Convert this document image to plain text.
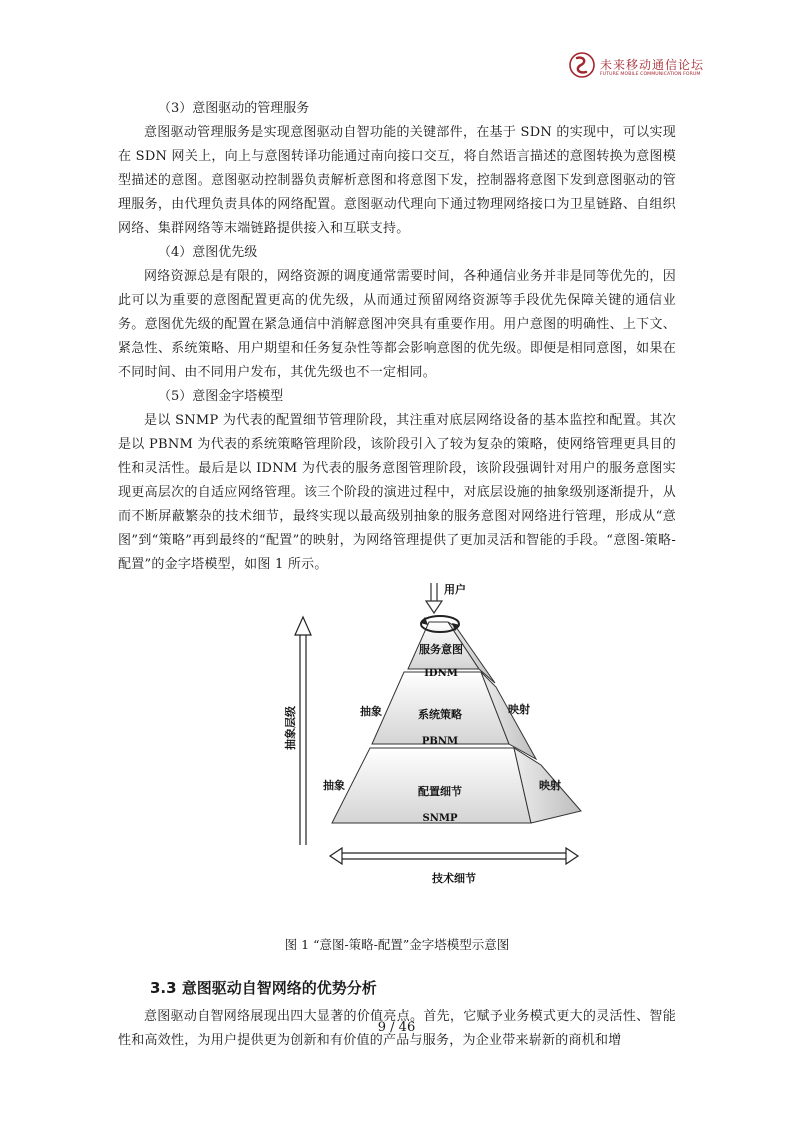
未来移动通信论坛
FUTURE MOBILE COMMUNICATION FORUM

（3）意图驱动的管理服务

意图驱动管理服务是实现意图驱动自智功能的关键部件，在基于 SDN 的实现中，可以实现在 SDN 网关上，向上与意图转译功能通过南向接口交互，将自然语言描述的意图转换为意图模型描述的意图。意图驱动控制器负责解析意图和将意图下发，控制器将意图下发到意图驱动的管理服务，由代理负责具体的网络配置。意图驱动代理向下通过物理网络接口为卫星链路、自组织网络、集群网络等末端链路提供接入和互联支持。

（4）意图优先级

网络资源总是有限的，网络资源的调度通常需要时间，各种通信业务并非是同等优先的，因此可以为重要的意图配置更高的优先级，从而通过预留网络资源等手段优先保障关键的通信业务。意图优先级的配置在紧急通信中消解意图冲突具有重要作用。用户意图的明确性、上下文、紧急性、系统策略、用户期望和任务复杂性等都会影响意图的优先级。即便是相同意图，如果在不同时间、由不同用户发布，其优先级也不一定相同。

（5）意图金字塔模型

是以 SNMP 为代表的配置细节管理阶段，其注重对底层网络设备的基本监控和配置。其次是以 PBNM 为代表的系统策略管理阶段，该阶段引入了较为复杂的策略，使网络管理更具目的性和灵活性。最后是以 IDNM 为代表的服务意图管理阶段，该阶段强调针对用户的服务意图实现更高层次的自适应网络管理。该三个阶段的演进过程中，对底层设施的抽象级别逐渐提升，从而不断屏蔽繁杂的技术细节，最终实现以最高级别抽象的服务意图对网络进行管理，形成从“意图”到“策略”再到最终的“配置”的映射，为网络管理提供了更加灵活和智能的手段。“意图-策略-配置”的金字塔模型，如图 1 所示。

抽象层级
用户
服务意图
IDNM
系统策略
PBNM
配置细节
SNMP
抽象
抽象
映射
映射
技术细节

图 1 “意图-策略-配置”金字塔模型示意图

3.3 意图驱动自智网络的优势分析

意图驱动自智网络展现出四大显著的价值亮点。首先，它赋予业务模式更大的灵活性、智能性和高效性，为用户提供更为创新和有价值的产品与服务，为企业带来崭新的商机和增

9 / 46
